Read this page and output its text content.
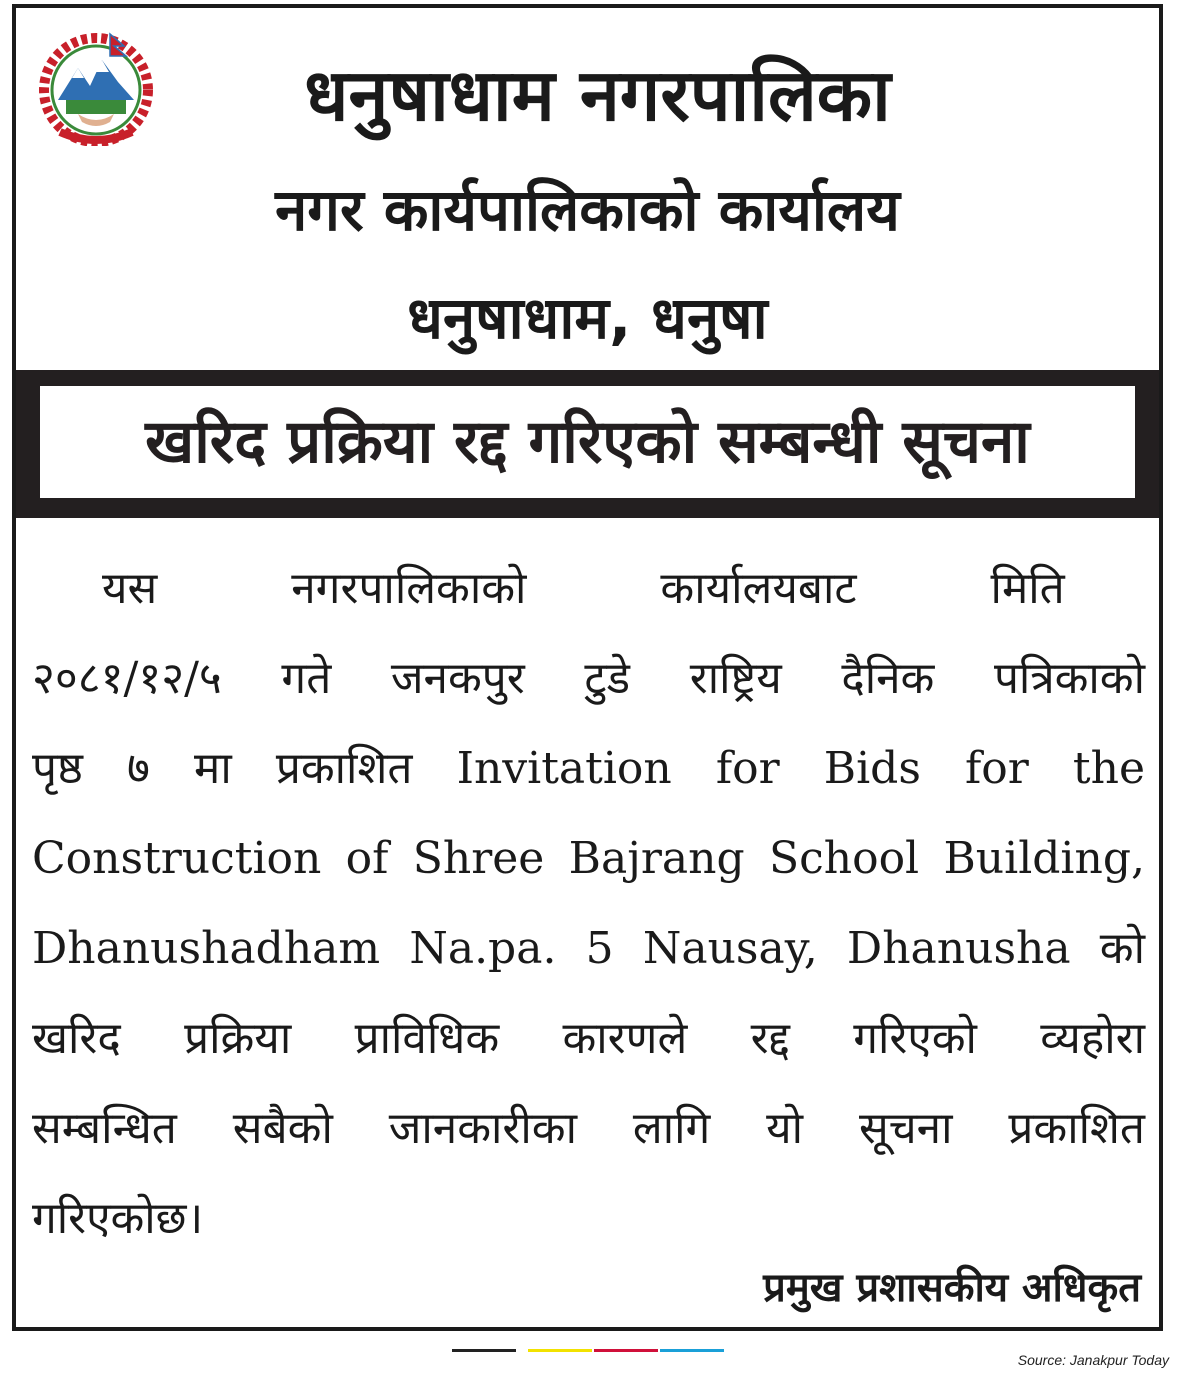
धनुषाधाम नगरपालिका
नगर कार्यपालिकाको कार्यालय
धनुषाधाम, धनुषा
खरिद प्रक्रिया रद्द गरिएको सम्बन्धी सूचना
यस नगरपालिकाको कार्यालयबाट मिति
२०८१/१२/५ गते जनकपुर टुडे राष्ट्रिय दैनिक पत्रिकाको
पृष्ठ ७ मा प्रकाशित Invitation for Bids for the
Construction of Shree Bajrang School Building,
Dhanushadham Na.pa. 5 Nausay, Dhanusha को
खरिद प्रक्रिया प्राविधिक कारणले रद्द गरिएको व्यहोरा
सम्बन्धित सबैको जानकारीका लागि यो सूचना प्रकाशित
गरिएकोछ।
प्रमुख प्रशासकीय अधिकृत
Source: Janakpur Today
